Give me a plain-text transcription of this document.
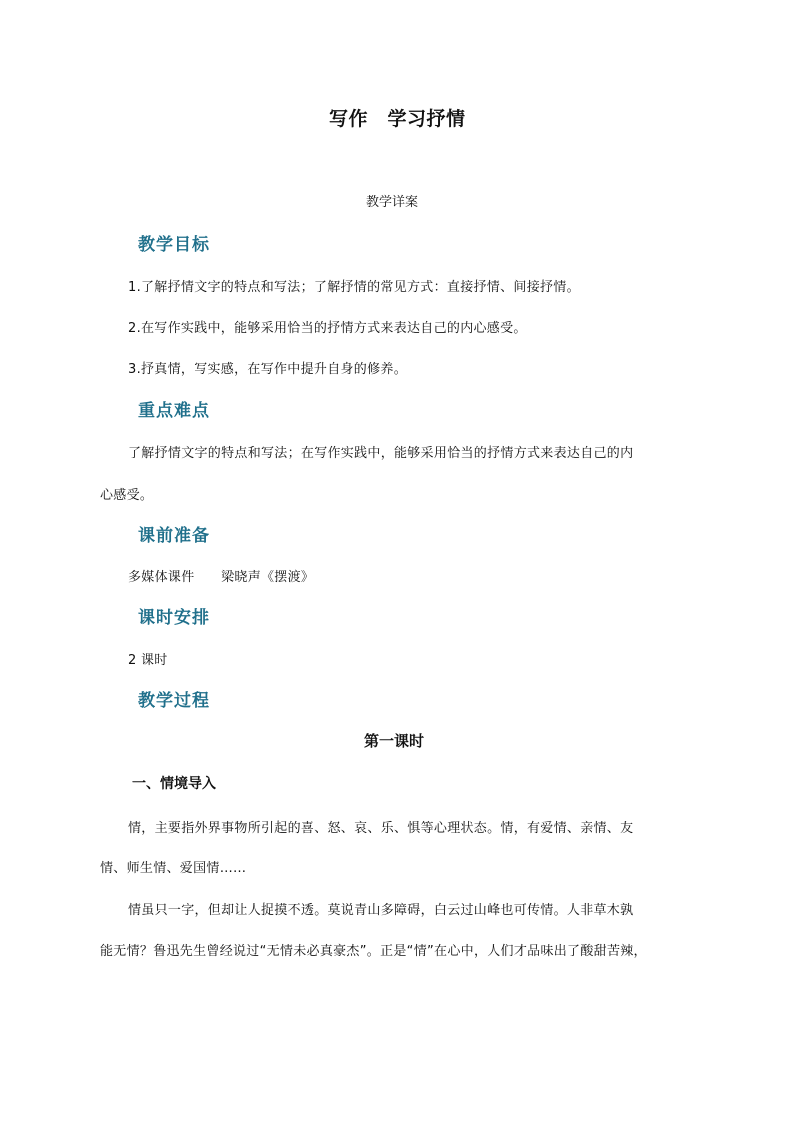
写作　学习抒情
教学详案
教学目标
1.了解抒情文字的特点和写法；了解抒情的常见方式：直接抒情、间接抒情。
2.在写作实践中，能够采用恰当的抒情方式来表达自己的内心感受。
3.抒真情，写实感，在写作中提升自身的修养。
重点难点
了解抒情文字的特点和写法；在写作实践中，能够采用恰当的抒情方式来表达自己的内
心感受。
课前准备
多媒体课件　　梁晓声《摆渡》
课时安排
2 课时
教学过程
第一课时
一、情境导入
情，主要指外界事物所引起的喜、怒、哀、乐、惧等心理状态。情，有爱情、亲情、友
情、师生情、爱国情……
情虽只一字，但却让人捉摸不透。莫说青山多障碍，白云过山峰也可传情。人非草木孰
能无情？鲁迅先生曾经说过“无情未必真豪杰”。正是“情”在心中，人们才品味出了酸甜苦辣，
